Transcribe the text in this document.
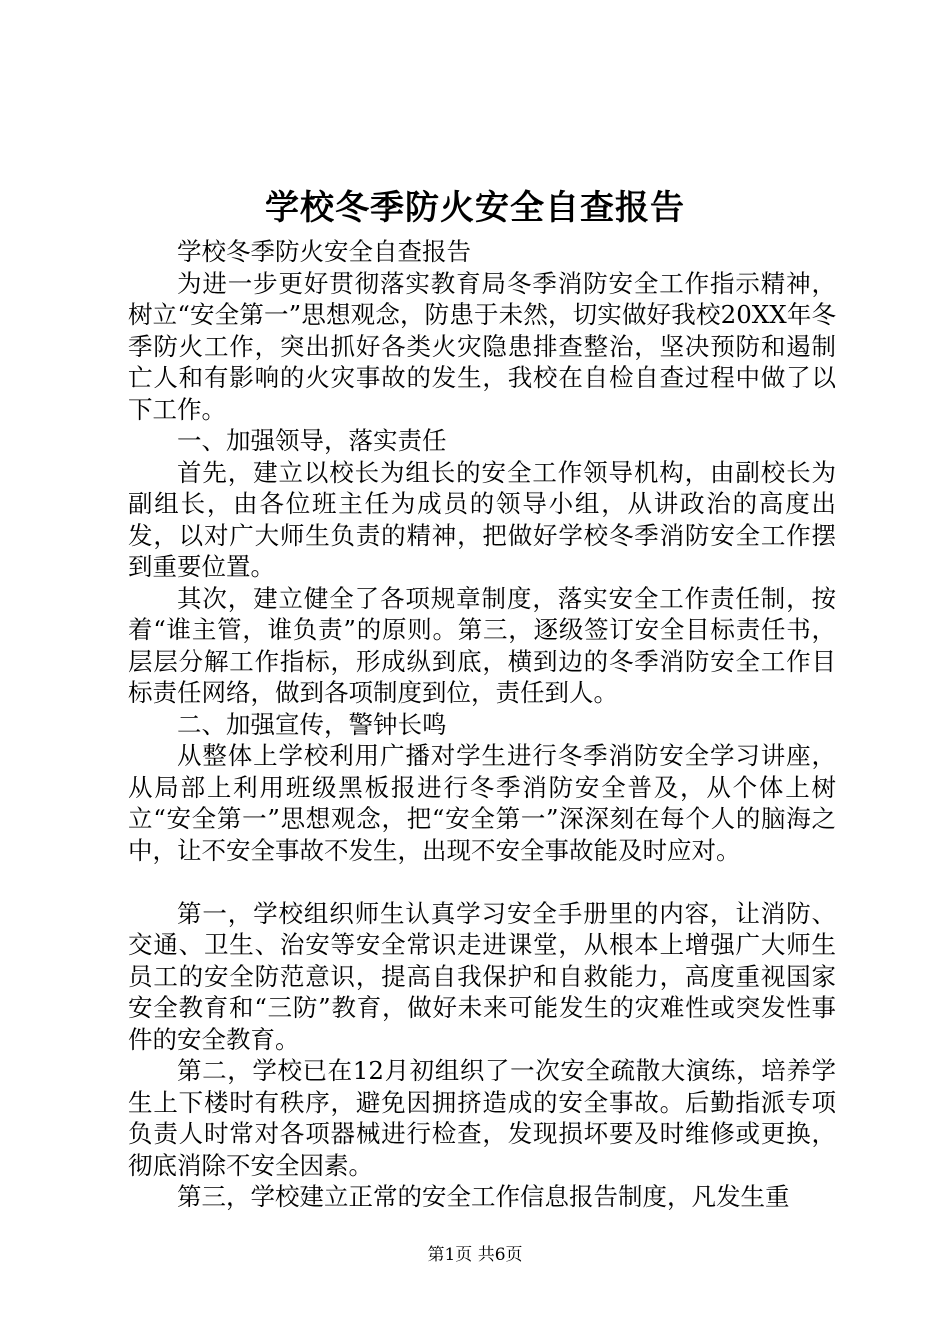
学校冬季防火安全自查报告

学校冬季防火安全自查报告

为进一步更好贯彻落实教育局冬季消防安全工作指示精神，树立“安全第一”思想观念，防患于未然，切实做好我校20XX年冬季防火工作，突出抓好各类火灾隐患排查整治，坚决预防和遏制亡人和有影响的火灾事故的发生，我校在自检自查过程中做了以下工作。

一、加强领导，落实责任

首先，建立以校长为组长的安全工作领导机构，由副校长为副组长，由各位班主任为成员的领导小组，从讲政治的高度出发，以对广大师生负责的精神，把做好学校冬季消防安全工作摆到重要位置。

其次，建立健全了各项规章制度，落实安全工作责任制，按着“谁主管，谁负责”的原则。第三，逐级签订安全目标责任书，层层分解工作指标，形成纵到底，横到边的冬季消防安全工作目标责任网络，做到各项制度到位，责任到人。

二、加强宣传，警钟长鸣

从整体上学校利用广播对学生进行冬季消防安全学习讲座，从局部上利用班级黑板报进行冬季消防安全普及，从个体上树立“安全第一”思想观念，把“安全第一”深深刻在每个人的脑海之中，让不安全事故不发生，出现不安全事故能及时应对。

第一，学校组织师生认真学习安全手册里的内容，让消防、交通、卫生、治安等安全常识走进课堂，从根本上增强广大师生员工的安全防范意识，提高自我保护和自救能力，高度重视国家安全教育和“三防”教育，做好未来可能发生的灾难性或突发性事件的安全教育。

第二，学校已在12月初组织了一次安全疏散大演练，培养学生上下楼时有秩序，避免因拥挤造成的安全事故。后勤指派专项负责人时常对各项器械进行检查，发现损坏要及时维修或更换，彻底消除不安全因素。

第三，学校建立正常的安全工作信息报告制度，凡发生重

第1页 共6页
